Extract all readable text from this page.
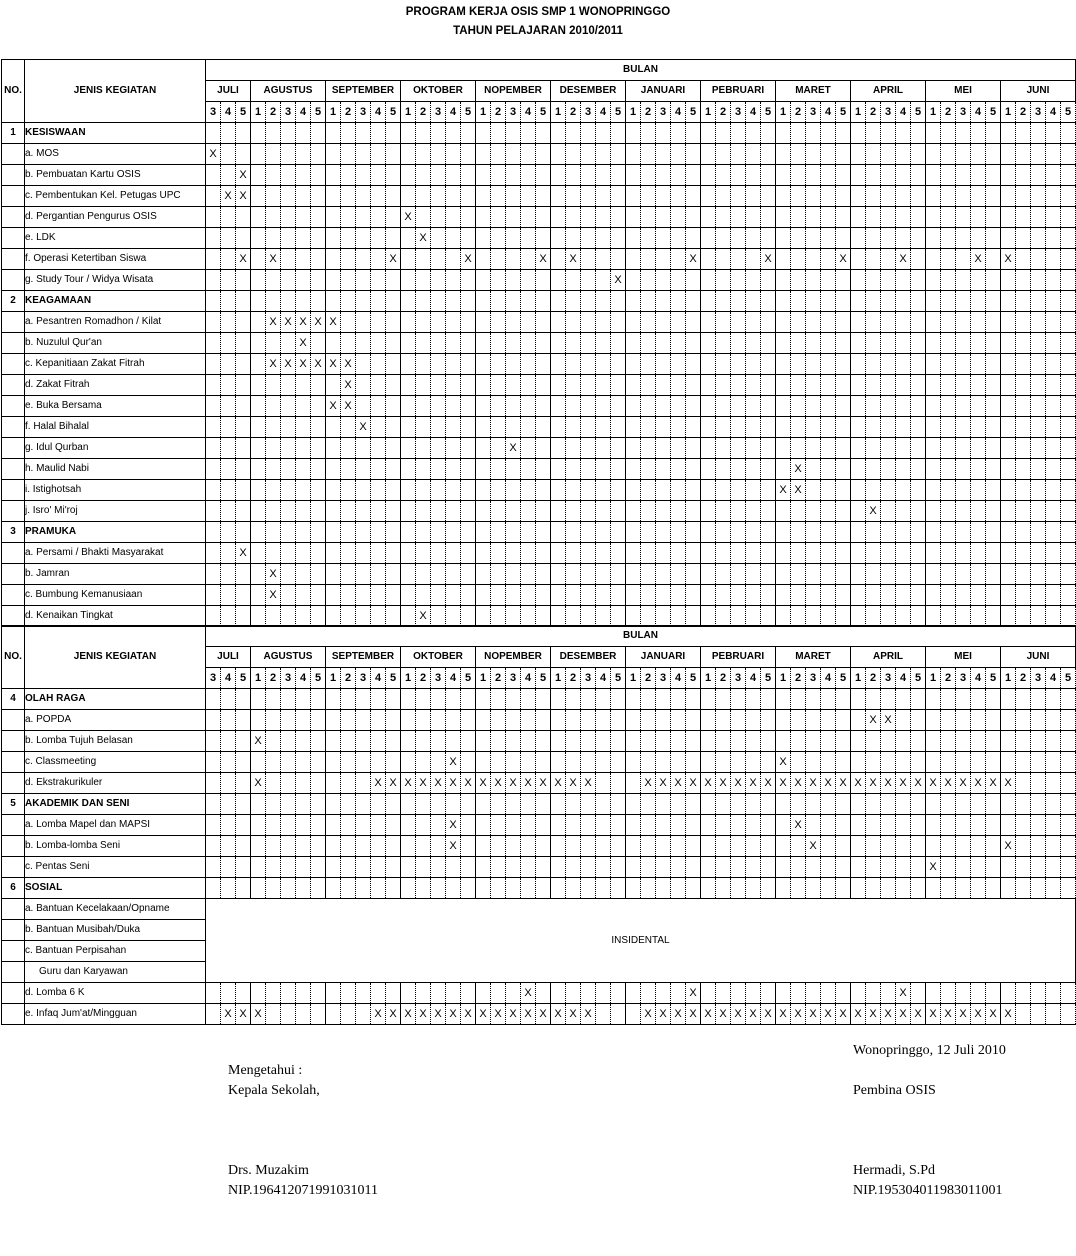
PROGRAM KERJA OSIS SMP 1 WONOPRINGGO
TAHUN PELAJARAN 2010/2011
NO.	JENIS KEGIATAN	BULAN																																																									
		JULI			AGUSTUS					SEPTEMBER					OKTOBER					NOPEMBER					DESEMBER					JANUARI					PEBRUARI					MARET					APRIL					MEI					JUNI				
		3	4	5	1	2	3	4	5	1	2	3	4	5	1	2	3	4	5	1	2	3	4	5	1	2	3	4	5	1	2	3	4	5	1	2	3	4	5	1	2	3	4	5	1	2	3	4	5	1	2	3	4	5	1	2	3	4	5
1	KESISWAAN																																																										
	a. MOS	X																																																									
	b. Pembuatan Kartu OSIS			X																																																							
	c. Pembentukan Kel. Petugas UPC		X	X																																																							
	d. Pergantian Pengurus OSIS														X																																												
	e. LDK															X																																											
	f. Operasi Ketertiban Siswa			X		X								X					X					X		X								X					X					X				X					X		X				
	g. Study Tour / Widya Wisata																												X																														
2	KEAGAMAAN																																																										
	a. Pesantren Romadhon / Kilat					X	X	X	X	X																																																	
	b. Nuzulul Qur'an							X																																																			
	c. Kepanitiaan Zakat Fitrah					X	X	X	X	X	X																																																
	d. Zakat Fitrah										X																																																
	e. Buka Bersama									X	X																																																
	f. Halal Bihalal											X																																															
	g. Idul Qurban																					X																																					
	h. Maulid Nabi																																								X																		
	i. Istighotsah																																							X	X																		
	j. Isro' Mi'roj																																													X													
3	PRAMUKA																																																										
	a. Persami / Bhakti Masyarakat			X																																																							
	b. Jamran					X																																																					
	c. Bumbung Kemanusiaan					X																																																					
	d. Kenaikan Tingkat															X																																											
NO.	JENIS KEGIATAN	BULAN																																																									
		JULI			AGUSTUS					SEPTEMBER					OKTOBER					NOPEMBER					DESEMBER					JANUARI					PEBRUARI					MARET					APRIL					MEI					JUNI				
		3	4	5	1	2	3	4	5	1	2	3	4	5	1	2	3	4	5	1	2	3	4	5	1	2	3	4	5	1	2	3	4	5	1	2	3	4	5	1	2	3	4	5	1	2	3	4	5	1	2	3	4	5	1	2	3	4	5
4	OLAH RAGA																																																										
	a. POPDA																																													X	X												
	b. Lomba Tujuh Belasan				X																																																						
	c. Classmeeting																	X																						X																			
	d. Ekstrakurikuler				X								X	X	X	X	X	X	X	X	X	X	X	X	X	X	X				X	X	X	X	X	X	X	X	X	X	X	X	X	X	X	X	X	X	X	X	X	X	X	X	X				
5	AKADEMIK DAN SENI																																																										
	a. Lomba Mapel dan MAPSI																	X																							X																		
	b. Lomba-lomba Seni																	X																								X													X				
	c. Pentas Seni																																																	X									
6	SOSIAL																																																										
	a. Bantuan Kecelakaan/Opname	INSIDENTAL																																																									
	b. Bantuan Musibah/Duka																																																										
	c. Bantuan Perpisahan																																																										
	Guru dan Karyawan																																																										
	d. Lomba 6 K																						X											X														X											
	e. Infaq Jum'at/Mingguan		X	X	X								X	X	X	X	X	X	X	X	X	X	X	X	X	X	X				X	X	X	X	X	X	X	X	X	X	X	X	X	X	X	X	X	X	X	X	X	X	X	X	X				
Wonopringgo, 12 Juli 2010
Mengetahui :
Kepala Sekolah,	Pembina OSIS
Drs. Muzakim	Hermadi, S.Pd
NIP.196412071991031011	NIP.195304011983011001
